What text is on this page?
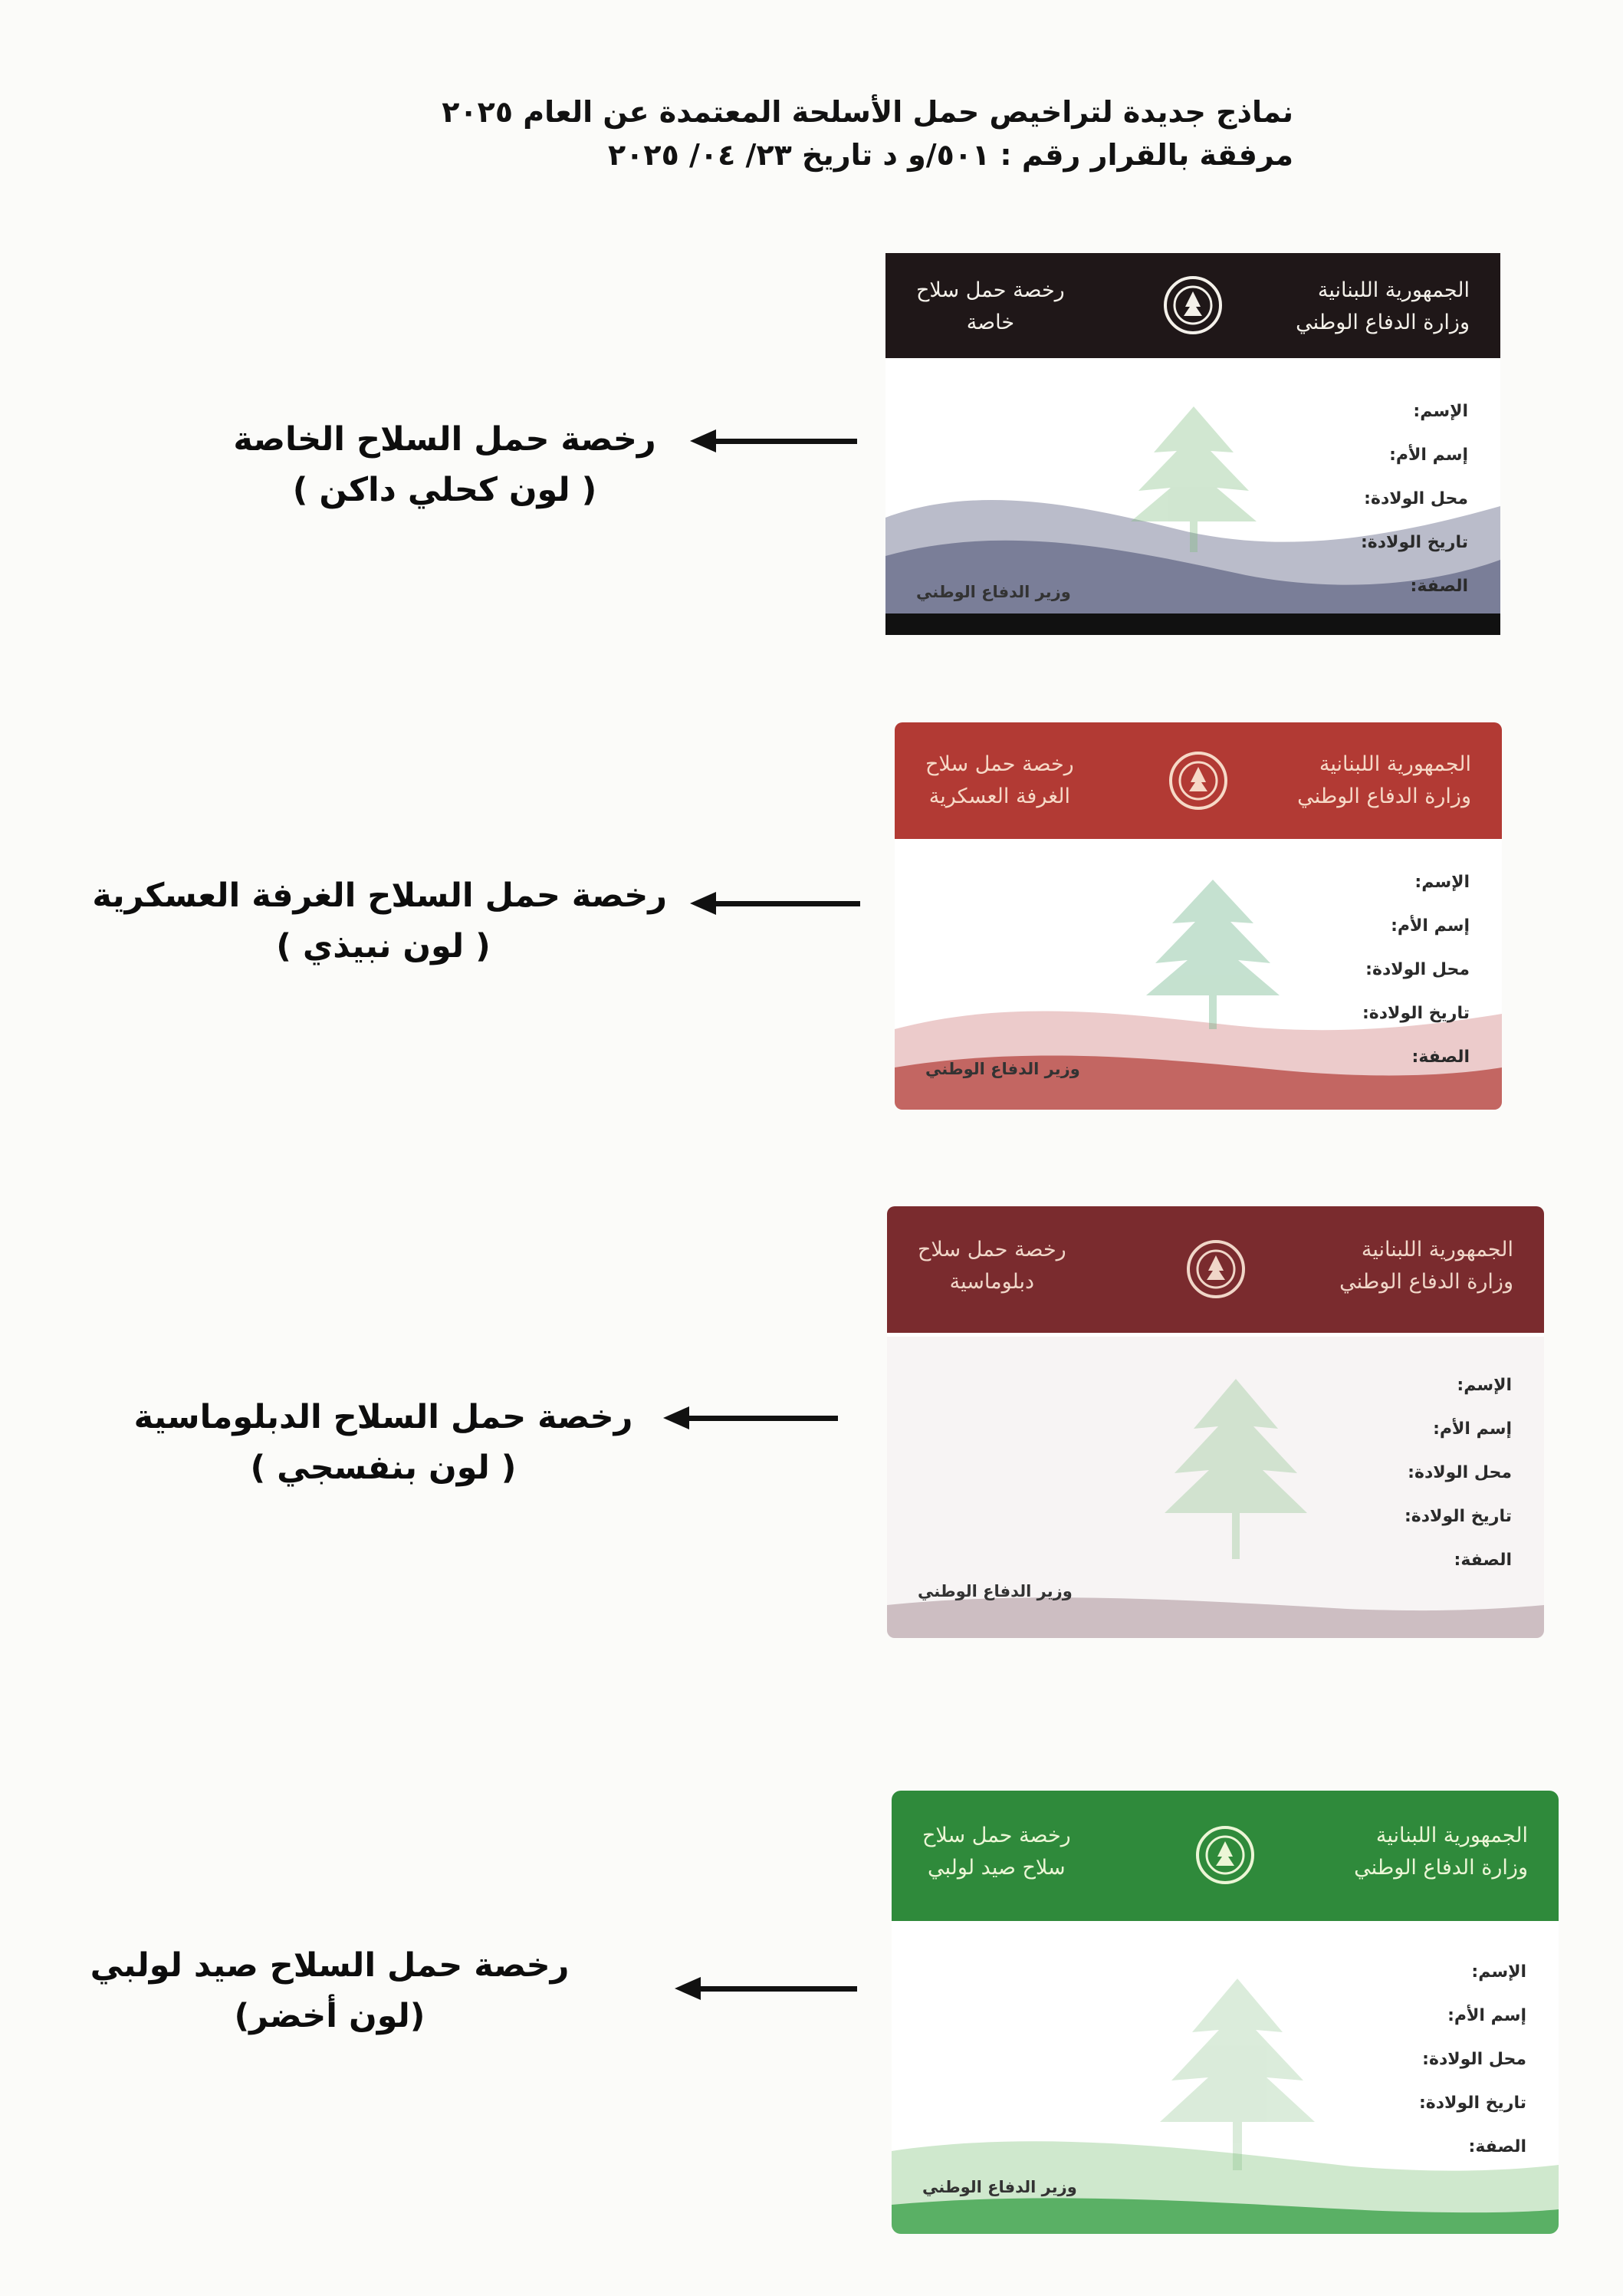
نماذج جديدة لتراخيص حمل الأسلحة المعتمدة عن العام ٢٠٢٥
مرفقة بالقرار رقم : ٥٠١/و د تاريخ ٢٣/ ٠٤/ ٢٠٢٥
رخصة حمل السلاح الخاصة
( لون كحلي داكن )
الجمهورية اللبنانية
وزارة الدفاع الوطني
رخصة حمل سلاح
خاصة
الإسم:
إسم الأم:
محل الولادة:
تاريخ الولادة:
الصفة:
وزير الدفاع الوطني
رخصة حمل السلاح الغرفة العسكرية
( لون نبيذي )
الجمهورية اللبنانية
وزارة الدفاع الوطني
رخصة حمل سلاح
الغرفة العسكرية
الإسم:
إسم الأم:
محل الولادة:
تاريخ الولادة:
الصفة:
وزير الدفاع الوطني
رخصة حمل السلاح الدبلوماسية
( لون بنفسجي )
الجمهورية اللبنانية
وزارة الدفاع الوطني
رخصة حمل سلاح
دبلوماسية
الإسم:
إسم الأم:
محل الولادة:
تاريخ الولادة:
الصفة:
وزير الدفاع الوطني
رخصة حمل السلاح صيد لولبي
(لون أخضر)
الجمهورية اللبنانية
وزارة الدفاع الوطني
رخصة حمل سلاح
سلاح صيد لولبي
الإسم:
إسم الأم:
محل الولادة:
تاريخ الولادة:
الصفة:
وزير الدفاع الوطني
